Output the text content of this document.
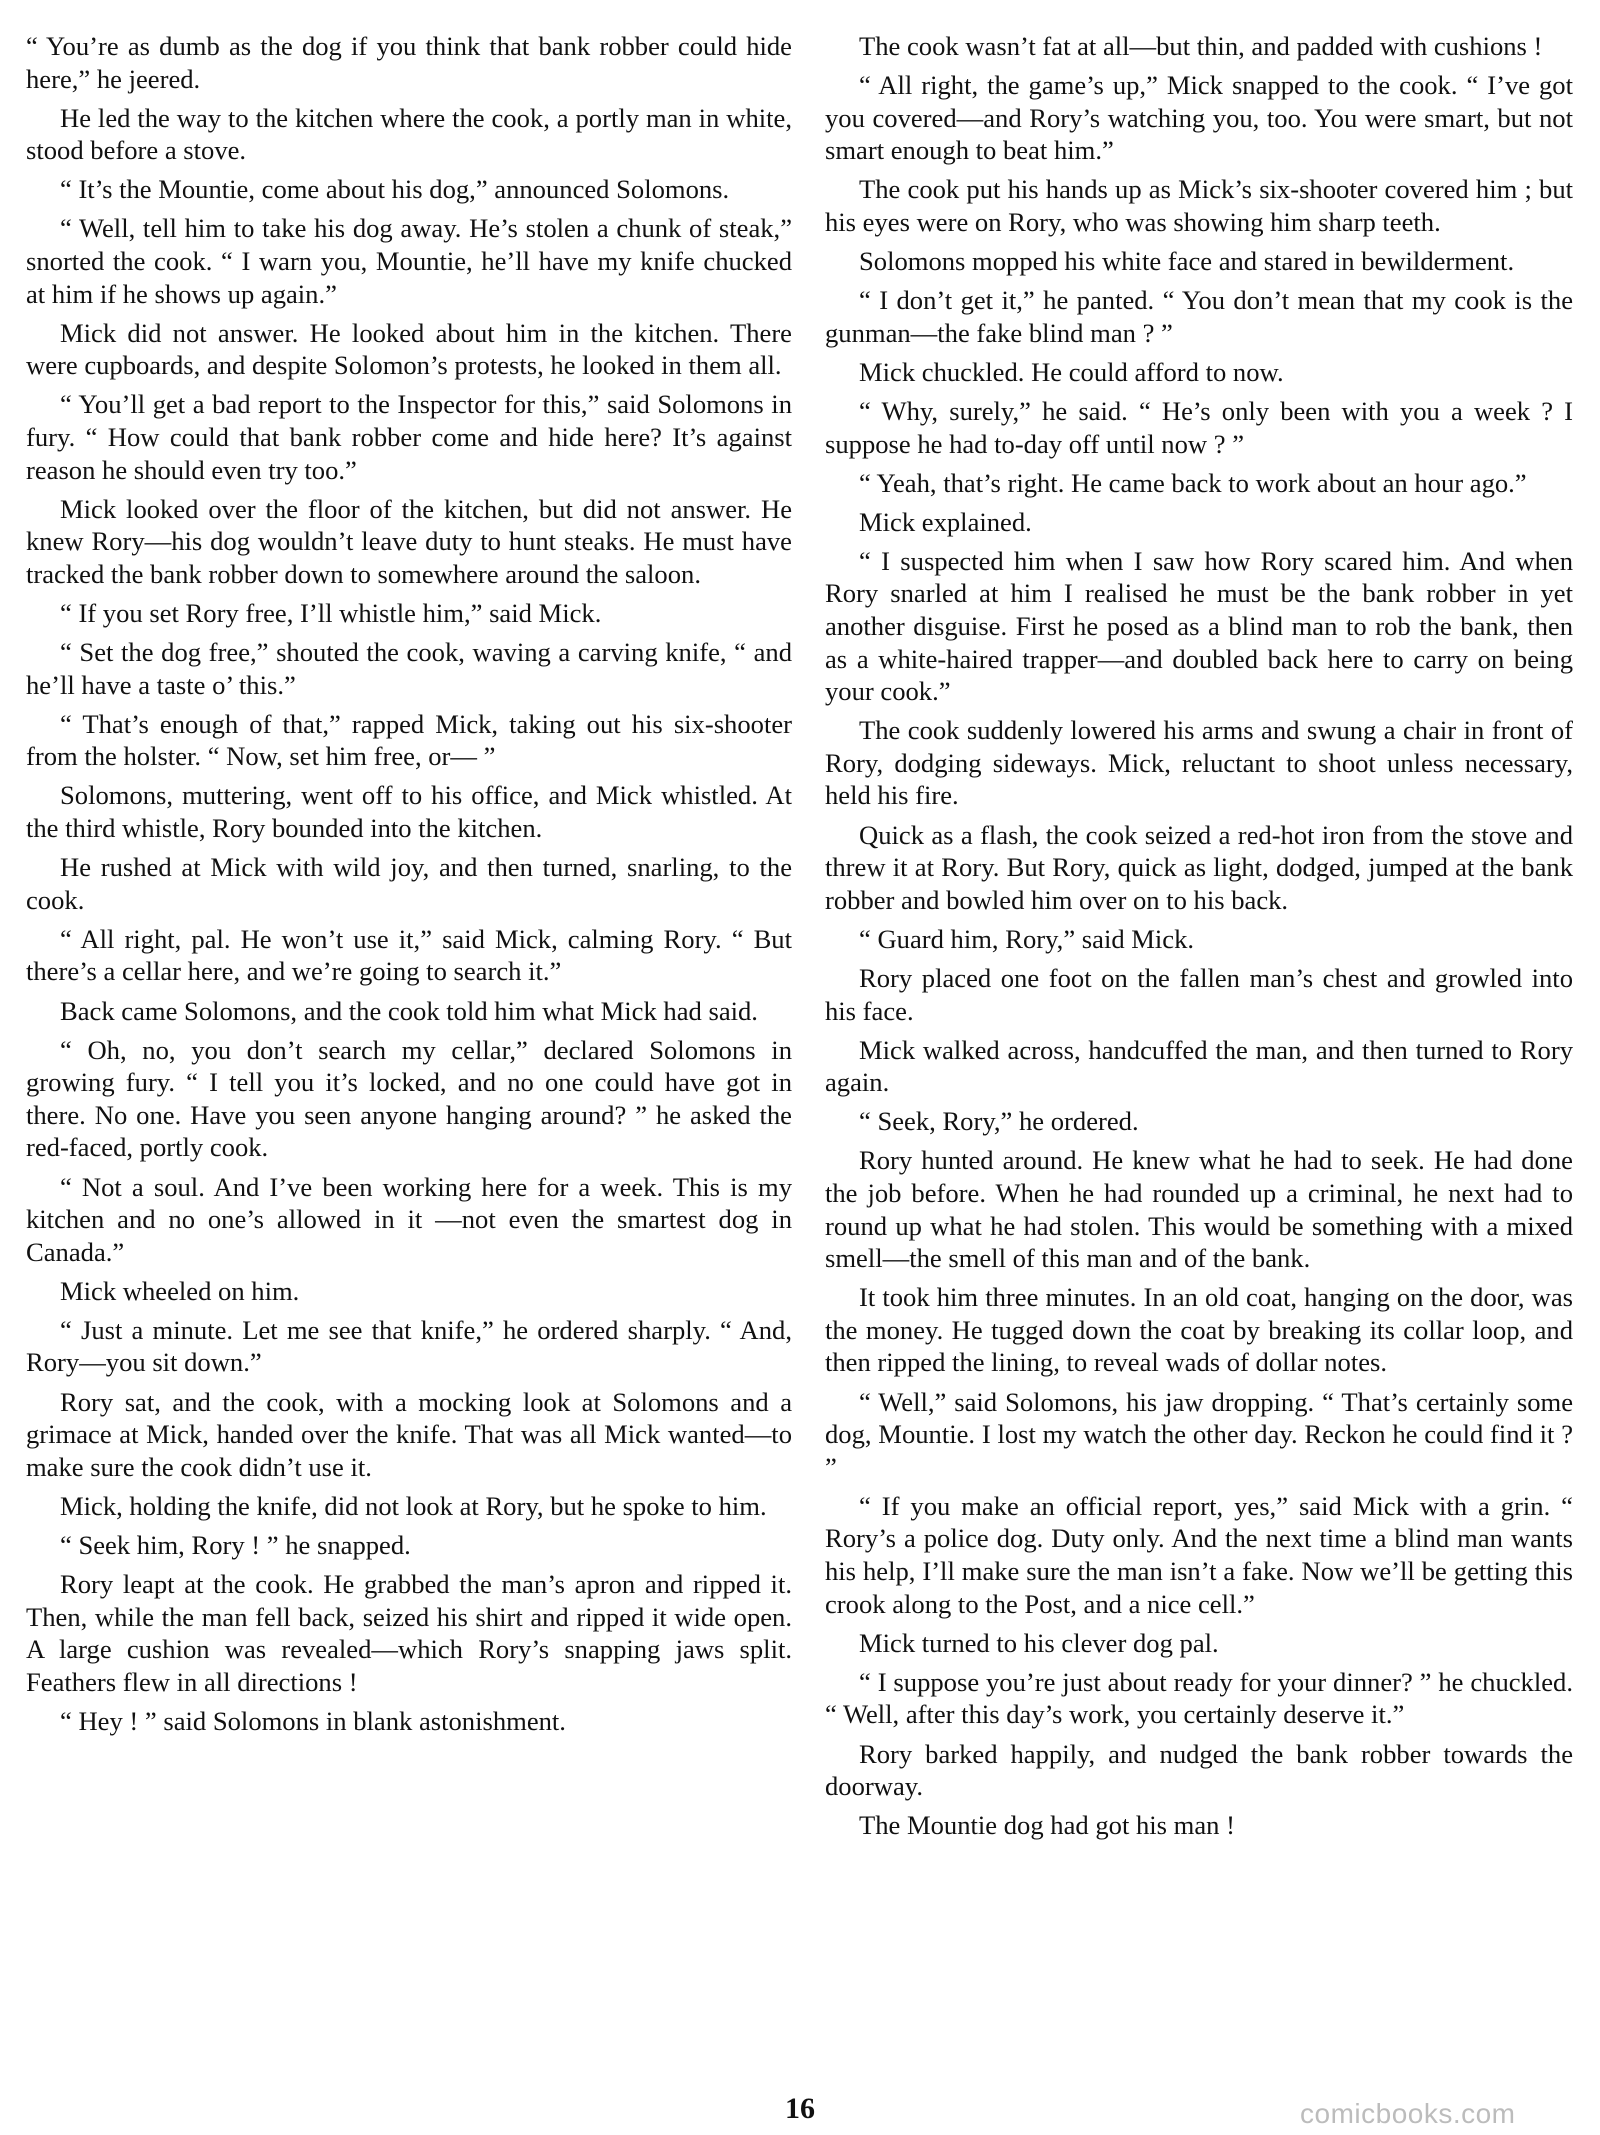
“ You’re as dumb as the dog if you think that bank robber could hide here,” he jeered.

He led the way to the kitchen where the cook, a portly man in white, stood before a stove.

“ It’s the Mountie, come about his dog,” announced Solomons.

“ Well, tell him to take his dog away. He’s stolen a chunk of steak,” snorted the cook. “ I warn you, Mountie, he’ll have my knife chucked at him if he shows up again.”

Mick did not answer. He looked about him in the kitchen. There were cupboards, and despite Solomon’s protests, he looked in them all.

“ You’ll get a bad report to the Inspector for this,” said Solomons in fury. “ How could that bank robber come and hide here? It’s against reason he should even try too.”

Mick looked over the floor of the kitchen, but did not answer. He knew Rory—his dog wouldn’t leave duty to hunt steaks. He must have tracked the bank robber down to somewhere around the saloon.

“ If you set Rory free, I’ll whistle him,” said Mick.

“ Set the dog free,” shouted the cook, waving a carving knife, “ and he’ll have a taste o’ this.”

“ That’s enough of that,” rapped Mick, taking out his six-shooter from the holster. “ Now, set him free, or— ”

Solomons, muttering, went off to his office, and Mick whistled. At the third whistle, Rory bounded into the kitchen.

He rushed at Mick with wild joy, and then turned, snarling, to the cook.

“ All right, pal. He won’t use it,” said Mick, calming Rory. “ But there’s a cellar here, and we’re going to search it.”

Back came Solomons, and the cook told him what Mick had said.

“ Oh, no, you don’t search my cellar,” declared Solomons in growing fury. “ I tell you it’s locked, and no one could have got in there. No one. Have you seen anyone hanging around? ” he asked the red-faced, portly cook.

“ Not a soul. And I’ve been working here for a week. This is my kitchen and no one’s allowed in it —not even the smartest dog in Canada.”

Mick wheeled on him.

“ Just a minute. Let me see that knife,” he ordered sharply. “ And, Rory—you sit down.”

Rory sat, and the cook, with a mocking look at Solomons and a grimace at Mick, handed over the knife. That was all Mick wanted—to make sure the cook didn’t use it.

Mick, holding the knife, did not look at Rory, but he spoke to him.

“ Seek him, Rory ! ” he snapped.

Rory leapt at the cook. He grabbed the man’s apron and ripped it. Then, while the man fell back, seized his shirt and ripped it wide open. A large cushion was revealed—which Rory’s snapping jaws split. Feathers flew in all directions !

“ Hey ! ” said Solomons in blank astonishment.

The cook wasn’t fat at all—but thin, and padded with cushions !

“ All right, the game’s up,” Mick snapped to the cook. “ I’ve got you covered—and Rory’s watching you, too. You were smart, but not smart enough to beat him.”

The cook put his hands up as Mick’s six-shooter covered him ; but his eyes were on Rory, who was showing him sharp teeth.

Solomons mopped his white face and stared in bewilderment.

“ I don’t get it,” he panted. “ You don’t mean that my cook is the gunman—the fake blind man ? ”

Mick chuckled. He could afford to now.

“ Why, surely,” he said. “ He’s only been with you a week ? I suppose he had to-day off until now ? ”

“ Yeah, that’s right. He came back to work about an hour ago.”

Mick explained.

“ I suspected him when I saw how Rory scared him. And when Rory snarled at him I realised he must be the bank robber in yet another disguise. First he posed as a blind man to rob the bank, then as a white-haired trapper—and doubled back here to carry on being your cook.”

The cook suddenly lowered his arms and swung a chair in front of Rory, dodging sideways. Mick, reluctant to shoot unless necessary, held his fire.

Quick as a flash, the cook seized a red-hot iron from the stove and threw it at Rory. But Rory, quick as light, dodged, jumped at the bank robber and bowled him over on to his back.

“ Guard him, Rory,” said Mick.

Rory placed one foot on the fallen man’s chest and growled into his face.

Mick walked across, handcuffed the man, and then turned to Rory again.

“ Seek, Rory,” he ordered.

Rory hunted around. He knew what he had to seek. He had done the job before. When he had rounded up a criminal, he next had to round up what he had stolen. This would be something with a mixed smell—the smell of this man and of the bank.

It took him three minutes. In an old coat, hanging on the door, was the money. He tugged down the coat by breaking its collar loop, and then ripped the lining, to reveal wads of dollar notes.

“ Well,” said Solomons, his jaw dropping. “ That’s certainly some dog, Mountie. I lost my watch the other day. Reckon he could find it ? ”

“ If you make an official report, yes,” said Mick with a grin. “ Rory’s a police dog. Duty only. And the next time a blind man wants his help, I’ll make sure the man isn’t a fake. Now we’ll be getting this crook along to the Post, and a nice cell.”

Mick turned to his clever dog pal.

“ I suppose you’re just about ready for your dinner? ” he chuckled. “ Well, after this day’s work, you certainly deserve it.”

Rory barked happily, and nudged the bank robber towards the doorway.

The Mountie dog had got his man !

16	comicbooks.com
